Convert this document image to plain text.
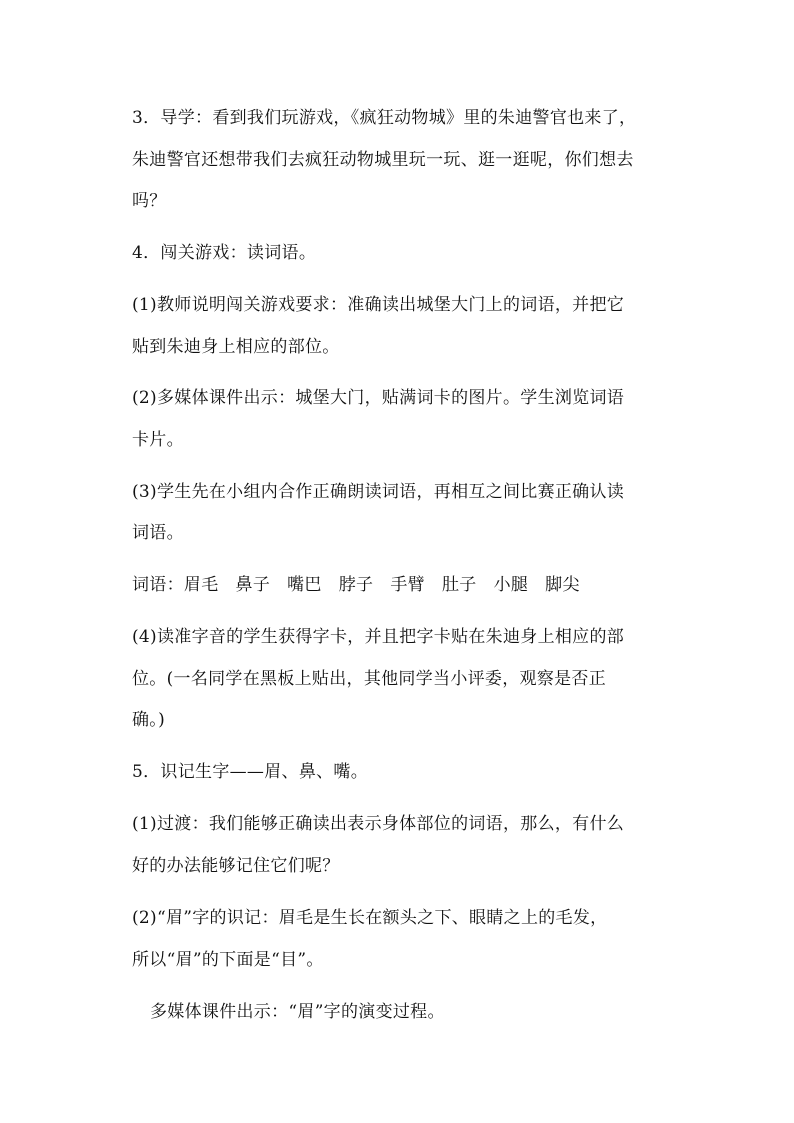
3．导学：看到我们玩游戏，《疯狂动物城》里的朱迪警官也来了，
朱迪警官还想带我们去疯狂动物城里玩一玩、逛一逛呢，你们想去
吗？
4．闯关游戏：读词语。
(1)教师说明闯关游戏要求：准确读出城堡大门上的词语，并把它
贴到朱迪身上相应的部位。
(2)多媒体课件出示：城堡大门，贴满词卡的图片。学生浏览词语
卡片。
(3)学生先在小组内合作正确朗读词语，再相互之间比赛正确认读
词语。
词语：眉毛 鼻子 嘴巴 脖子 手臂 肚子 小腿 脚尖
(4)读准字音的学生获得字卡，并且把字卡贴在朱迪身上相应的部
位。(一名同学在黑板上贴出，其他同学当小评委，观察是否正
确。)
5．识记生字——眉、鼻、嘴。
(1)过渡：我们能够正确读出表示身体部位的词语，那么，有什么
好的办法能够记住它们呢？
(2)“眉”字的识记：眉毛是生长在额头之下、眼睛之上的毛发，
所以“眉”的下面是“目”。
多媒体课件出示：“眉”字的演变过程。
